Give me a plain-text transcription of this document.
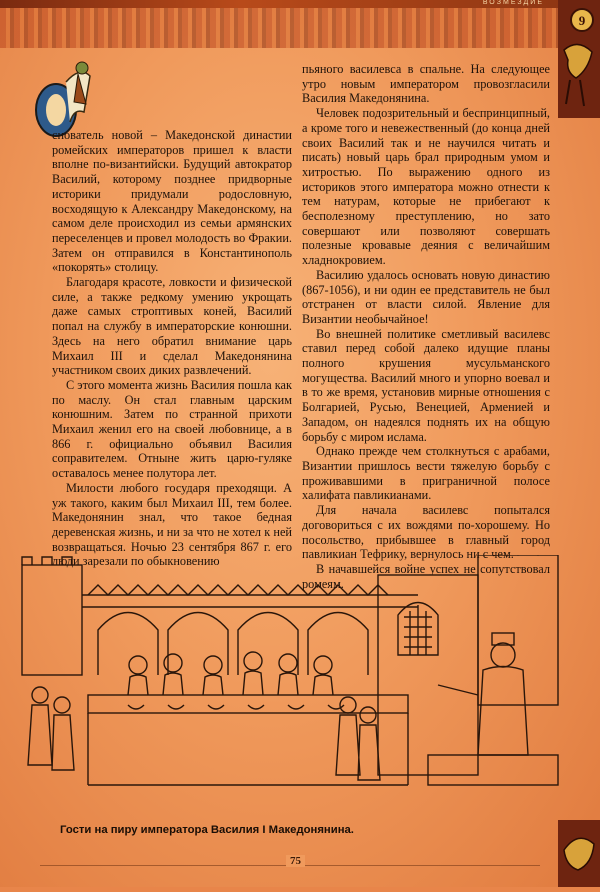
ВОЗМЕЗДИЕ
9

снователь новой – Македонской династии ромейских императоров пришел к власти вполне по-византийски. Будущий автократор Василий, которому позднее придворные историки придумали родословную, восходящую к Александру Македонскому, на самом деле происходил из семьи армянских переселенцев и провел молодость во Фракии. Затем он отправился в Константинополь «покорять» столицу.

Благодаря красоте, ловкости и физической силе, а также редкому умению укрощать даже самых строптивых коней, Василий попал на службу в императорские конюшни. Здесь на него обратил внимание царь Михаил III и сделал Македонянина участником своих диких развлечений.

С этого момента жизнь Василия пошла как по маслу. Он стал главным царским конюшним. Затем по странной прихоти Михаил женил его на своей любовнице, а в 866 г. официально объявил Василия соправителем. Отныне жить царю-гуляке оставалось менее полутора лет.

Милости любого государя преходящи. А уж такого, каким был Михаил III, тем более. Македонянин знал, что такое бедная деревенская жизнь, и ни за что не хотел к ней возвращаться. Ночью 23 сентября 867 г. его люди зарезали по обыкновению

пьяного василевса в спальне. На следующее утро новым императором провозгласили Василия Македонянина.

Человек подозрительный и беспринципный, а кроме того и невежественный (до конца дней своих Василий так и не научился читать и писать) новый царь брал природным умом и хитростью. По выражению одного из историков этого императора можно отнести к тем натурам, которые не прибегают к бесполезному преступлению, но зато совершают или позволяют совершать полезные кровавые деяния с величайшим хладнокровием.

Василию удалось основать новую династию (867-1056), и ни один ее представитель не был отстранен от власти силой. Явление для Византии необычайное!

Во внешней политике сметливый василевс ставил перед собой далеко идущие планы полного крушения мусульманского могущества. Василий много и упорно воевал и в то же время, установив мирные отношения с Болгарией, Русью, Венецией, Арменией и Западом, он надеялся поднять их на общую борьбу с миром ислама.

Однако прежде чем столкнуться с арабами, Византии пришлось вести тяжелую борьбу с проживавшими в приграничной полосе халифата павликианами.

Для начала василевс попытался договориться с их вождями по-хорошему. Но посольство, прибывшее в главный город павликиан Тефрику, вернулось ни с чем.

В начавшейся войне успех не сопутствовал ромеям.

Гости на пиру императора Василия I Македонянина.
75
